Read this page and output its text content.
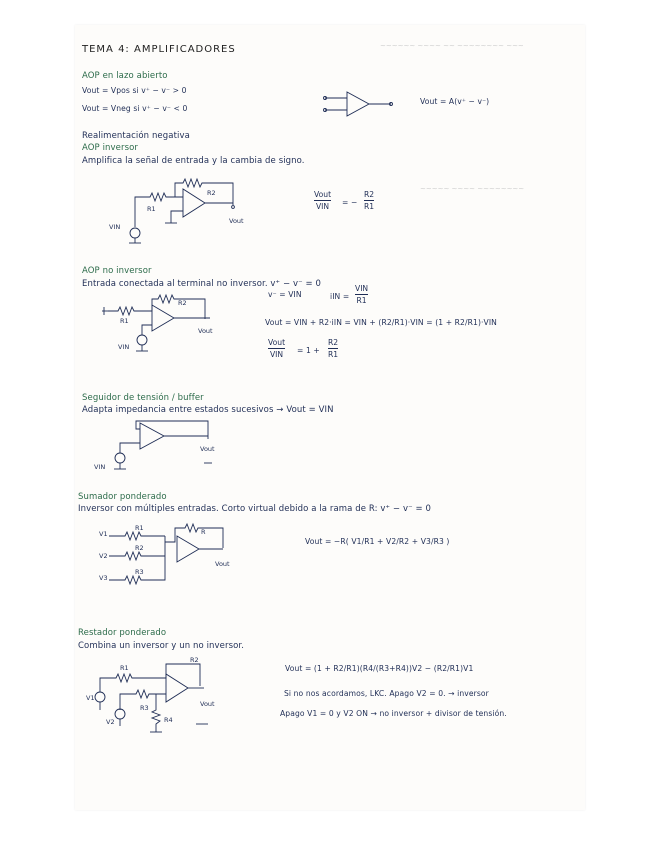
~~~~~~ ~~~~ ~~ ~~~~~~~~ ~~~
~~~~~ ~~~~ ~~~~~~~~
TEMA 4: AMPLIFICADORES
AOP en lazo abierto
Vout = Vpos si v⁺ − v⁻ > 0
Vout = Vneg si v⁺ − v⁻ < 0
Vout = A(v⁺ − v⁻)
Realimentación negativa
AOP inversor
Amplifica la señal de entrada y la cambia de signo.
R2
R1
VIN
Vout
Vout
VIN = −
R2
R1
AOP no inversor
Entrada conectada al terminal no inversor. v⁺ − v⁻ = 0
v⁻ = VIN	iIN =
VIN
R1
R1
R2
VIN
Vout
Vout = VIN + R2·iIN = VIN + (R2/R1)·VIN = (1 + R2/R1)·VIN
Vout
VIN = 1 +
R2
R1
Seguidor de tensión / buffer
Adapta impedancia entre estados sucesivos → Vout = VIN
VIN
Vout
Sumador ponderado
Inversor con múltiples entradas. Corto virtual debido a la rama de R: v⁺ − v⁻ = 0
V1
R1
V2
R2
V3
R3
R
Vout
Vout = −R( V1/R1 + V2/R2 + V3/R3 )
Restador ponderado
Combina un inversor y un no inversor.
R1
R2
V1
R3
V2	R4
Vout
Vout = (1 + R2/R1)(R4/(R3+R4))V2 − (R2/R1)V1
Si no nos acordamos, LKC. Apago V2 = 0. → inversor
Apago V1 = 0 y V2 ON → no inversor + divisor de tensión.
